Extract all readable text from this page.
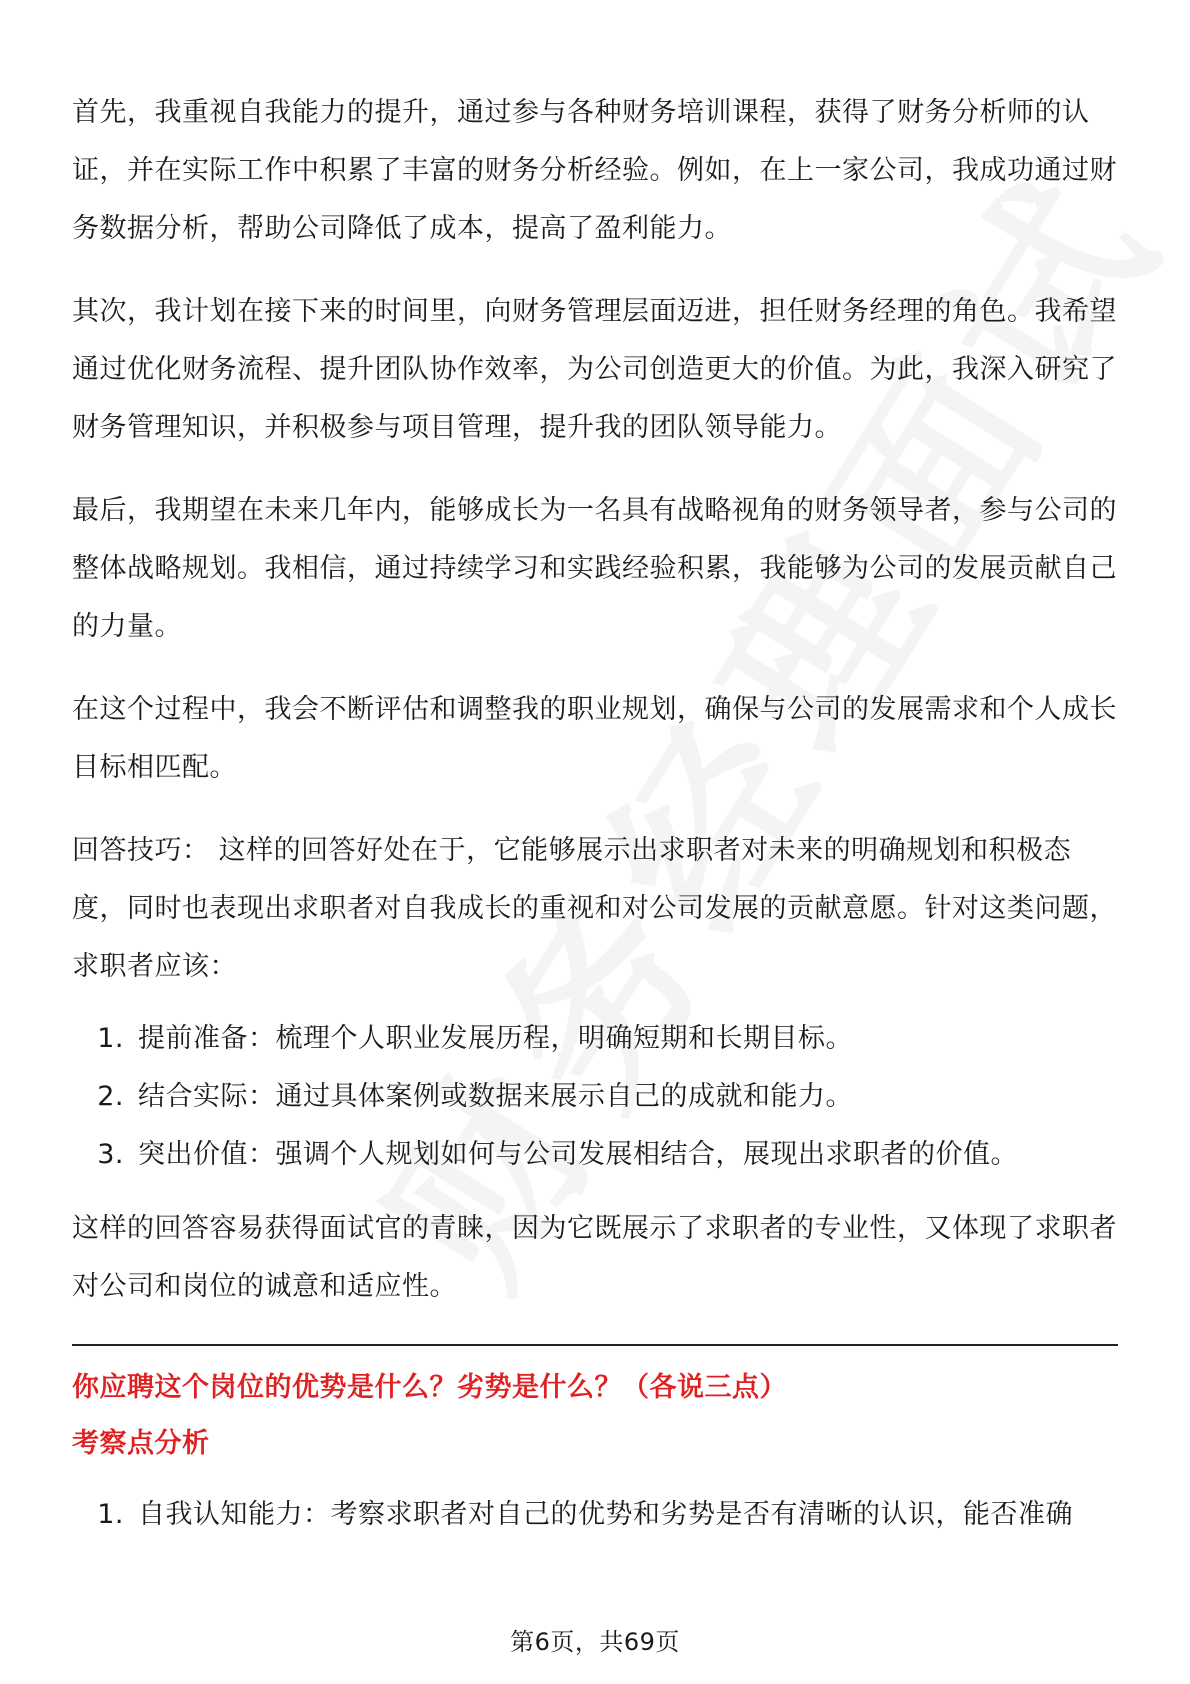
首先，我重视自我能力的提升，通过参与各种财务培训课程，获得了财务分析师的认证，并在实际工作中积累了丰富的财务分析经验。例如，在上一家公司，我成功通过财务数据分析，帮助公司降低了成本，提高了盈利能力。

其次，我计划在接下来的时间里，向财务管理层面迈进，担任财务经理的角色。我希望通过优化财务流程、提升团队协作效率，为公司创造更大的价值。为此，我深入研究了财务管理知识，并积极参与项目管理，提升我的团队领导能力。

最后，我期望在未来几年内，能够成长为一名具有战略视角的财务领导者，参与公司的整体战略规划。我相信，通过持续学习和实践经验积累，我能够为公司的发展贡献自己的力量。

在这个过程中，我会不断评估和调整我的职业规划，确保与公司的发展需求和个人成长目标相匹配。

回答技巧： 这样的回答好处在于，它能够展示出求职者对未来的明确规划和积极态度，同时也表现出求职者对自我成长的重视和对公司发展的贡献意愿。针对这类问题，求职者应该：

1. 提前准备：梳理个人职业发展历程，明确短期和长期目标。
2. 结合实际：通过具体案例或数据来展示自己的成就和能力。
3. 突出价值：强调个人规划如何与公司发展相结合，展现出求职者的价值。

这样的回答容易获得面试官的青睐，因为它既展示了求职者的专业性，又体现了求职者对公司和岗位的诚意和适应性。

你应聘这个岗位的优势是什么？劣势是什么？（各说三点）

考察点分析

1. 自我认知能力：考察求职者对自己的优势和劣势是否有清晰的认识，能否准确
第6页，共69页
